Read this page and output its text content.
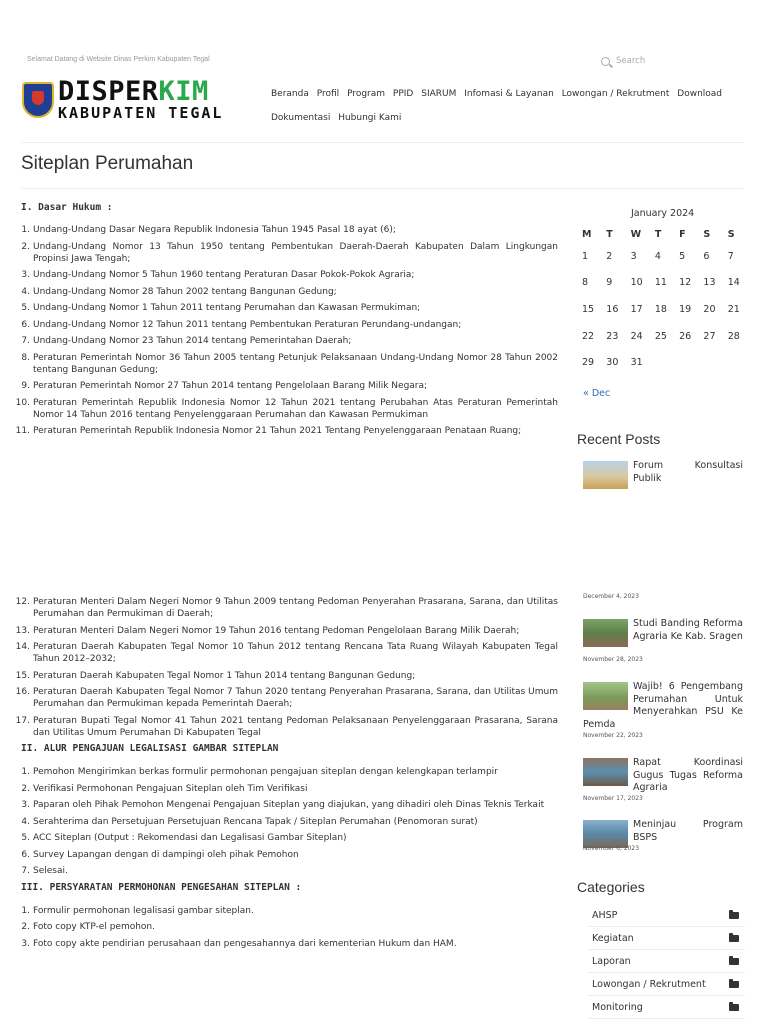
Selamat Datang di Website Dinas Perkim Kabupaten Tegal	Search
DISPERKIM
KABUPATEN TEGAL
Beranda Profil Program PPID SIARUM Infomasi & Layanan Lowongan / Rekrutment Download
Dokumentasi Hubungi Kami
Siteplan Perumahan
I. Dasar Hukum :
1. Undang-Undang Dasar Negara Republik Indonesia Tahun 1945 Pasal 18 ayat (6);
2. Undang-Undang Nomor 13 Tahun 1950 tentang Pembentukan Daerah-Daerah Kabupaten Dalam Lingkungan Propinsi Jawa Tengah;
3. Undang-Undang Nomor 5 Tahun 1960 tentang Peraturan Dasar Pokok-Pokok Agraria;
4. Undang-Undang Nomor 28 Tahun 2002 tentang Bangunan Gedung;
5. Undang-Undang Nomor 1 Tahun 2011 tentang Perumahan dan Kawasan Permukiman;
6. Undang-Undang Nomor 12 Tahun 2011 tentang Pembentukan Peraturan Perundang-undangan;
7. Undang-Undang Nomor 23 Tahun 2014 tentang Pemerintahan Daerah;
8. Peraturan Pemerintah Nomor 36 Tahun 2005 tentang Petunjuk Pelaksanaan Undang-Undang Nomor 28 Tahun 2002 tentang Bangunan Gedung;
9. Peraturan Pemerintah Nomor 27 Tahun 2014 tentang Pengelolaan Barang Milik Negara;
10. Peraturan Pemerintah Republik Indonesia Nomor 12 Tahun 2021 tentang Perubahan Atas Peraturan Pemerintah Nomor 14 Tahun 2016 tentang Penyelenggaraan Perumahan dan Kawasan Permukiman
11. Peraturan Pemerintah Republik Indonesia Nomor 21 Tahun 2021 Tentang Penyelenggaraan Penataan Ruang;
12. Peraturan Menteri Dalam Negeri Nomor 9 Tahun 2009 tentang Pedoman Penyerahan Prasarana, Sarana, dan Utilitas Perumahan dan Permukiman di Daerah;
13. Peraturan Menteri Dalam Negeri Nomor 19 Tahun 2016 tentang Pedoman Pengelolaan Barang Milik Daerah;
14. Peraturan Daerah Kabupaten Tegal Nomor 10 Tahun 2012 tentang Rencana Tata Ruang Wilayah Kabupaten Tegal Tahun 2012–2032;
15. Peraturan Daerah Kabupaten Tegal Nomor 1 Tahun 2014 tentang Bangunan Gedung;
16. Peraturan Daerah Kabupaten Tegal Nomor 7 Tahun 2020 tentang Penyerahan Prasarana, Sarana, dan Utilitas Umum Perumahan dan Permukiman kepada Pemerintah Daerah;
17. Peraturan Bupati Tegal Nomor 41 Tahun 2021 tentang Pedoman Pelaksanaan Penyelenggaraan Prasarana, Sarana dan Utilitas Umum Perumahan Di Kabupaten Tegal
II. ALUR PENGAJUAN LEGALISASI GAMBAR SITEPLAN
1. Pemohon Mengirimkan berkas formulir permohonan pengajuan siteplan dengan kelengkapan terlampir
2. Verifikasi Permohonan Pengajuan Siteplan oleh Tim Verifikasi
3. Paparan oleh Pihak Pemohon Mengenai Pengajuan Siteplan yang diajukan, yang dihadiri oleh Dinas Teknis Terkait
4. Serahterima dan Persetujuan Persetujuan Rencana Tapak / Siteplan Perumahan (Penomoran surat)
5. ACC Siteplan (Output : Rekomendasi dan Legalisasi Gambar Siteplan)
6. Survey Lapangan dengan di dampingi oleh pihak Pemohon
7. Selesai.
III. PERSYARATAN PERMOHONAN PENGESAHAN SITEPLAN :
1. Formulir permohonan legalisasi gambar siteplan.
2. Foto copy KTP-el pemohon.
3. Foto copy akte pendirian perusahaan dan pengesahannya dari kementerian Hukum dan HAM.
January 2024
M	T	W	T	F	S	S
1	2	3	4	5	6	7
8	9	10	11	12	13	14
15	16	17	18	19	20	21
22	23	24	25	26	27	28
29	30	31				
« Dec
Recent Posts
Forum Konsultasi Publik
December 4, 2023
Studi Banding Reforma Agraria Ke Kab. Sragen
November 28, 2023
Wajib! 6 Pengembang Perumahan Untuk Menyerahkan PSU Ke Pemda
November 22, 2023
Rapat Koordinasi Gugus Tugas Reforma Agraria
November 17, 2023
Meninjau Program BSPS
November 6, 2023
Categories
AHSP
Kegiatan
Laporan
Lowongan / Rekrutment
Monitoring
